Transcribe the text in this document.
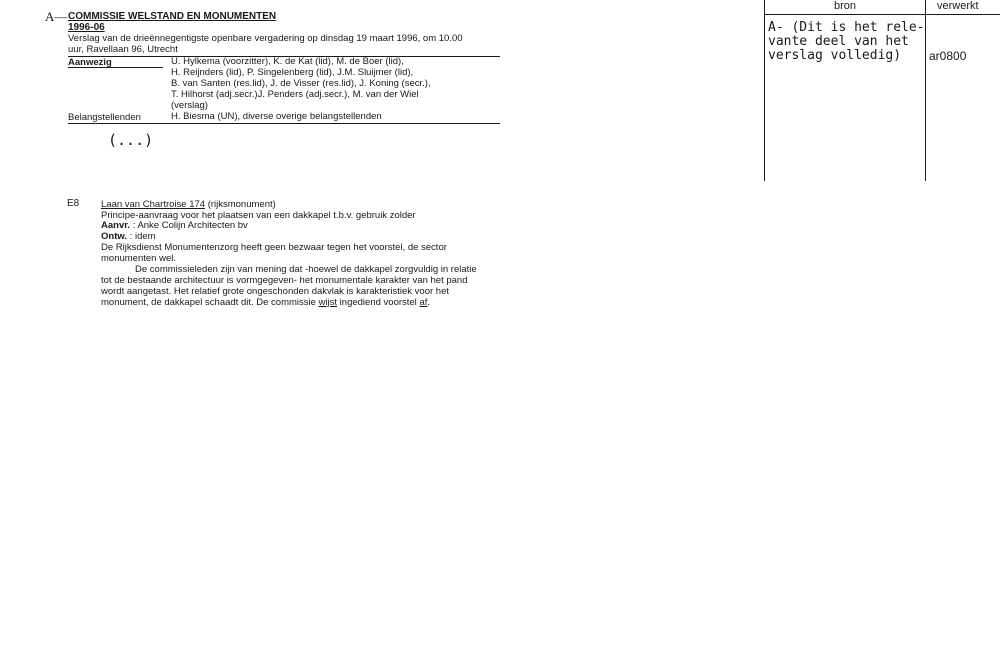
A— COMMISSIE WELSTAND EN MONUMENTEN
1996-06
Verslag van de drieënnegentigste openbare vergadering op dinsdag 19 maart 1996, om 10.00
uur, Ravellaan 96, Utrecht
Aanwezig	U. Hylkema (voorzitter), K. de Kat (lid), M. de Boer (lid),
H. Reijnders (lid), P. Singelenberg (lid), J.M. Sluijmer (lid),
B. van Santen (res.lid), J. de Visser (res.lid), J. Koning (secr.),
T. Hilhorst (adj.secr.)J. Penders (adj.secr.), M. van der Wiel
(verslag)
Belangstellenden	H. Biesma (UN), diverse overige belangstellenden
(...)
bron	verwerkt
A- (Dit is het rele-
vante deel van het
verslag volledig)	ar0800
E8 Laan van Chartroise 174 (rijksmonument)
Principe-aanvraag voor het plaatsen van een dakkapel t.b.v. gebruik zolder
Aanvr. : Anke Colijn Architecten bv
Ontw. : idem
De Rijksdienst Monumentenzorg heeft geen bezwaar tegen het voorstel, de sector
monumenten wel.
De commissieleden zijn van mening dat -hoewel de dakkapel zorgvuldig in relatie
tot de bestaande architectuur is vormgegeven- het monumentale karakter van het pand
wordt aangetast. Het relatief grote ongeschonden dakvlak is karakteristiek voor het
monument, de dakkapel schaadt dit. De commissie wijst ingediend voorstel af.
